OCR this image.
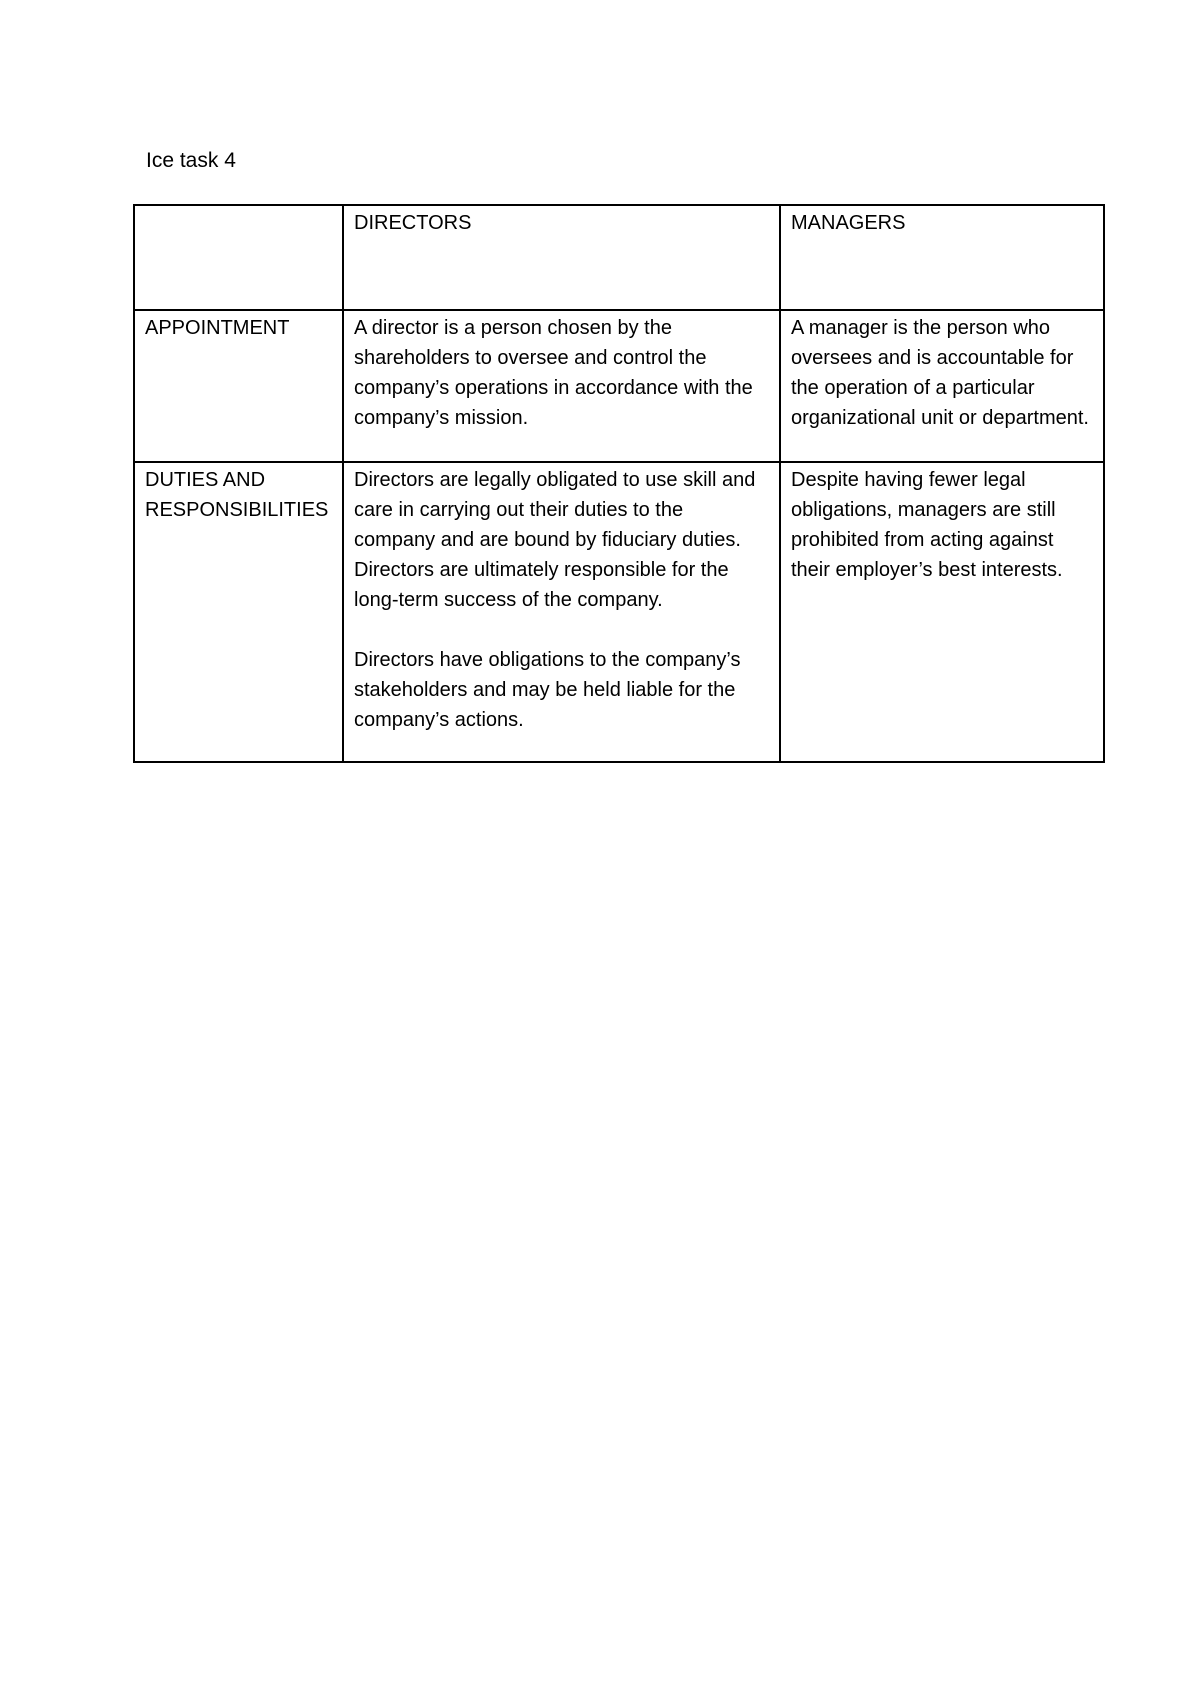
Ice task 4

	DIRECTORS	MANAGERS

APPOINTMENT	A director is a person chosen by the shareholders to oversee and control the company’s operations in accordance with the company’s mission.	A manager is the person who oversees and is accountable for the operation of a particular organizational unit or department.

DUTIES AND
RESPONSIBILITIES	Directors are legally obligated to use skill and care in carrying out their duties to the company and are bound by fiduciary duties. Directors are ultimately responsible for the long-term success of the company.
Directors have obligations to the company’s stakeholders and may be held liable for the company’s actions.	Despite having fewer legal obligations, managers are still prohibited from acting against their employer’s best interests.
